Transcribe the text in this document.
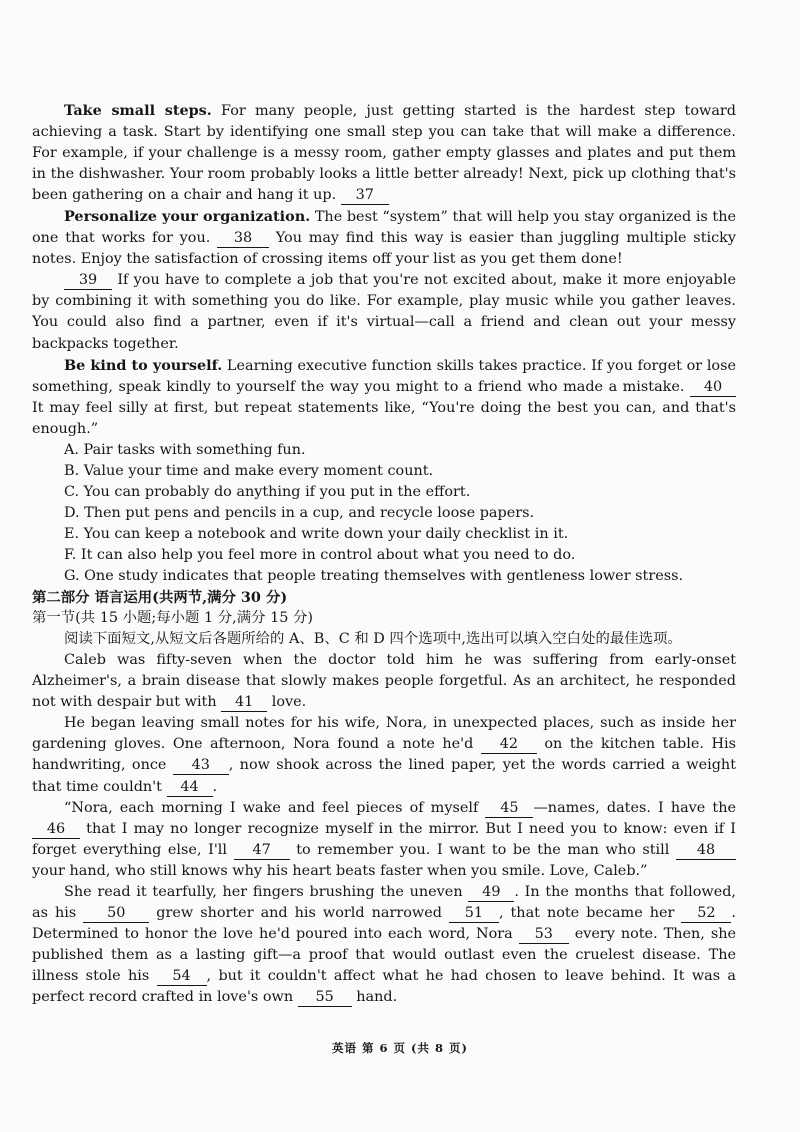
Take small steps. For many people, just getting started is the hardest step toward achieving a task. Start by identifying one small step you can take that will make a difference. For example, if your challenge is a messy room, gather empty glasses and plates and put them in the dishwasher. Your room probably looks a little better already! Next, pick up clothing that's been gathering on a chair and hang it up. 37

Personalize your organization. The best “system” that will help you stay organized is the one that works for you. 38 You may find this way is easier than juggling multiple sticky notes. Enjoy the satisfaction of crossing items off your list as you get them done!

39 If you have to complete a job that you're not excited about, make it more enjoyable by combining it with something you do like. For example, play music while you gather leaves. You could also find a partner, even if it's virtual—call a friend and clean out your messy backpacks together.

Be kind to yourself. Learning executive function skills takes practice. If you forget or lose something, speak kindly to yourself the way you might to a friend who made a mistake. 40 It may feel silly at first, but repeat statements like, “You're doing the best you can, and that's enough.”

A. Pair tasks with something fun.

B. Value your time and make every moment count.

C. You can probably do anything if you put in the effort.

D. Then put pens and pencils in a cup, and recycle loose papers.

E. You can keep a notebook and write down your daily checklist in it.

F. It can also help you feel more in control about what you need to do.

G. One study indicates that people treating themselves with gentleness lower stress.

第二部分 语言运用(共两节,满分 30 分)

第一节(共 15 小题;每小题 1 分,满分 15 分)

阅读下面短文,从短文后各题所给的 A、B、C 和 D 四个选项中,选出可以填入空白处的最佳选项。

Caleb was fifty-seven when the doctor told him he was suffering from early-onset Alzheimer's, a brain disease that slowly makes people forgetful. As an architect, he responded not with despair but with 41 love.

He began leaving small notes for his wife, Nora, in unexpected places, such as inside her gardening gloves. One afternoon, Nora found a note he'd 42 on the kitchen table. His handwriting, once 43 , now shook across the lined paper, yet the words carried a weight that time couldn't 44 .

“Nora, each morning I wake and feel pieces of myself 45 —names, dates. I have the 46 that I may no longer recognize myself in the mirror. But I need you to know: even if I forget everything else, I'll 47 to remember you. I want to be the man who still 48 your hand, who still knows why his heart beats faster when you smile. Love, Caleb.”

She read it tearfully, her fingers brushing the uneven 49 . In the months that followed, as his 50 grew shorter and his world narrowed 51 , that note became her 52 . Determined to honor the love he'd poured into each word, Nora 53 every note. Then, she published them as a lasting gift—a proof that would outlast even the cruelest disease. The illness stole his 54 , but it couldn't affect what he had chosen to leave behind. It was a perfect record crafted in love's own 55 hand.

英语 第 6 页 (共 8 页)
